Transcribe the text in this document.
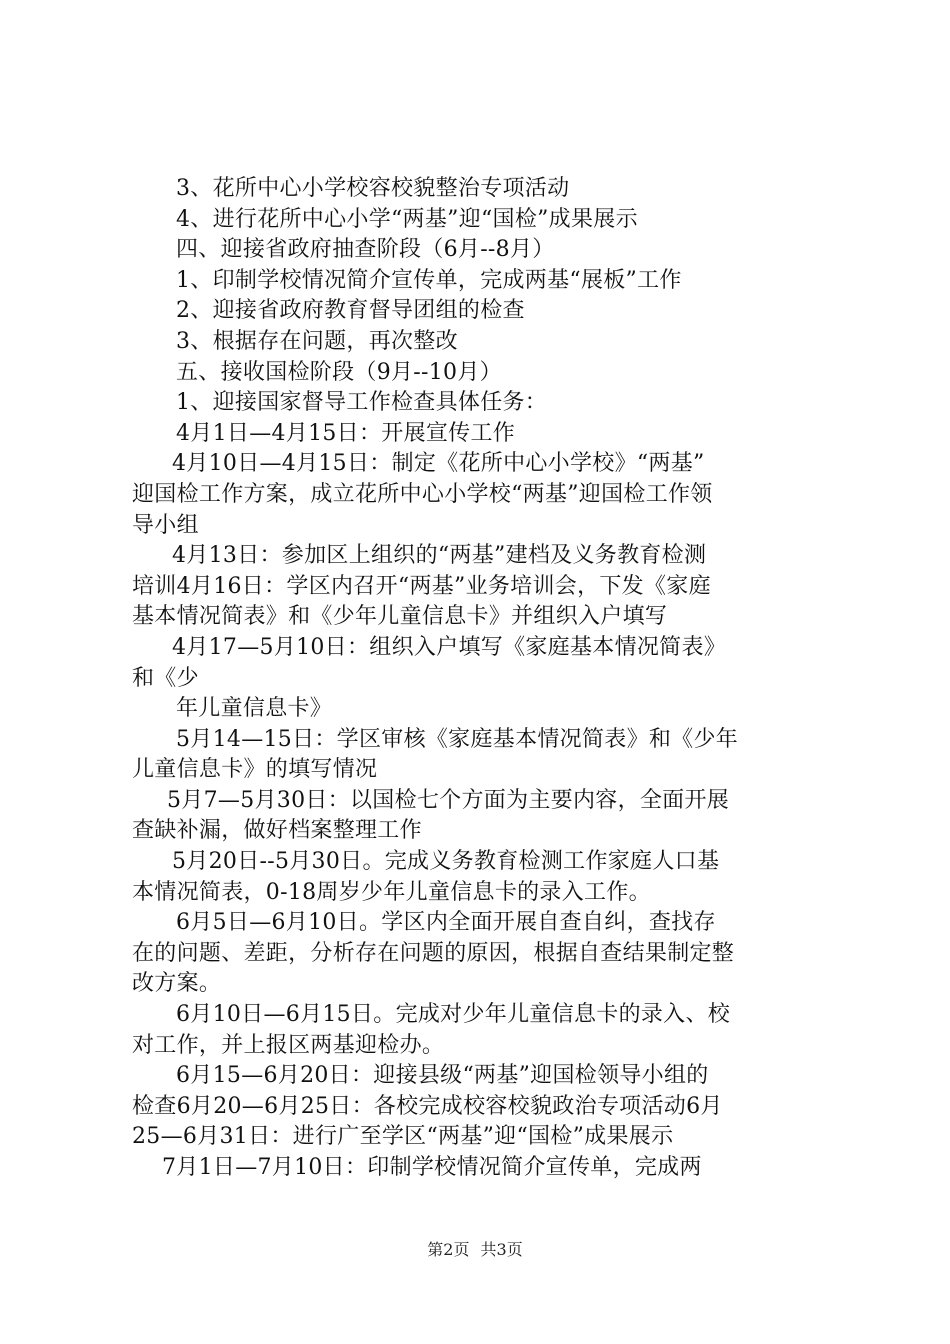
3、花所中心小学校容校貌整治专项活动
4、进行花所中心小学“两基”迎“国检”成果展示
四、迎接省政府抽查阶段（6月--8月）
1、印制学校情况简介宣传单，完成两基“展板”工作
2、迎接省政府教育督导团组的检查
3、根据存在问题，再次整改
五、接收国检阶段（9月--10月）
1、迎接国家督导工作检查具体任务：
4月1日—4月15日：开展宣传工作
4月10日—4月15日：制定《花所中心小学校》“两基”
迎国检工作方案，成立花所中心小学校“两基”迎国检工作领
导小组
4月13日：参加区上组织的“两基”建档及义务教育检测
培训4月16日：学区内召开“两基”业务培训会，下发《家庭
基本情况简表》和《少年儿童信息卡》并组织入户填写
4月17—5月10日：组织入户填写《家庭基本情况简表》
和《少
年儿童信息卡》
5月14—15日：学区审核《家庭基本情况简表》和《少年
儿童信息卡》的填写情况
5月7—5月30日：以国检七个方面为主要内容，全面开展
查缺补漏，做好档案整理工作
5月20日--5月30日。完成义务教育检测工作家庭人口基
本情况简表，0-18周岁少年儿童信息卡的录入工作。
6月5日—6月10日。学区内全面开展自查自纠，查找存
在的问题、差距，分析存在问题的原因，根据自查结果制定整
改方案。
6月10日—6月15日。完成对少年儿童信息卡的录入、校
对工作，并上报区两基迎检办。
6月15—6月20日：迎接县级“两基”迎国检领导小组的
检查6月20—6月25日：各校完成校容校貌政治专项活动6月
25—6月31日：进行广至学区“两基”迎“国检”成果展示
7月1日—7月10日：印制学校情况简介宣传单，完成两
第2页 共3页
